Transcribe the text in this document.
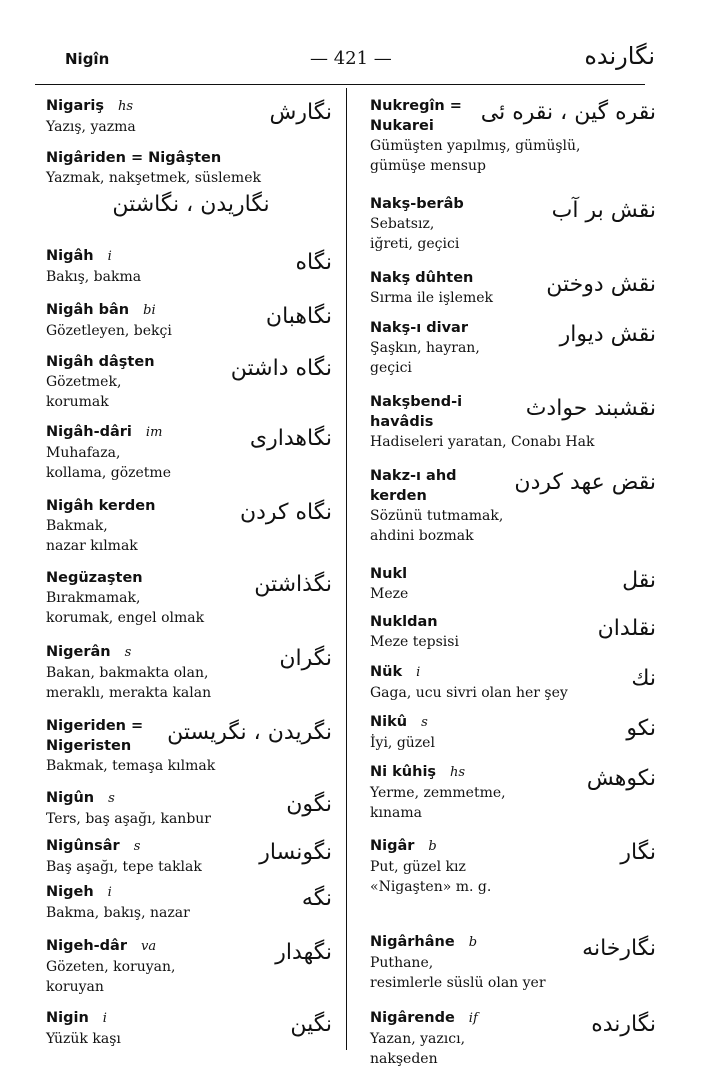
Nigîn	— 421 —	نگارنده
Nigariş hs
Yazış, yazma
نگارش
Nigâriden = Nigâşten
Yazmak, nakşetmek, süslemek
نگاریدن ، نگاشتن
Nigâh i
Bakış, bakma
نگاه
Nigâh bân bi
Gözetleyen, bekçi
نگاهبان
Nigâh dâşten
Gözetmek,
korumak
نگاه داشتن
Nigâh-dâri im
Muhafaza,
kollama, gözetme
نگاهداری
Nigâh kerden
Bakmak,
nazar kılmak
نگاه کردن
Negüzaşten
Bırakmamak,
korumak, engel olmak
نگذاشتن
Nigerân s
Bakan, bakmakta olan,
meraklı, merakta kalan
نگران
Nigeriden =
Nigeristen
Bakmak, temaşa kılmak
نگریدن ، نگریستن
Nigûn s
Ters, baş aşağı, kanbur
نگون
Nigûnsâr s
Baş aşağı, tepe taklak
نگونسار
Nigeh i
Bakma, bakış, nazar
نگه
Nigeh-dâr va
Gözeten, koruyan,
koruyan
نگهدار
Nigin i
Yüzük kaşı
نگين
Nukregîn =
Nukarei
Gümüşten yapılmış, gümüşlü,
gümüşe mensup
نقره گين ، نقره ئى
Nakş-berâb
Sebatsız,
iğreti, geçici
نقش بر آب
Nakş dûhten
Sırma ile işlemek
نقش دوختن
Nakş-ı divar
Şaşkın, hayran,
geçici
نقش ديوار
Nakşbend-i
havâdis
Hadiseleri yaratan, Conabı Hak
نقشبند حوادث
Nakz-ı ahd
kerden
Sözünü tutmamak,
ahdini bozmak
نقض عهد کردن
Nukl
Meze
نقل
Nukldan
Meze tepsisi
نقلدان
Nük i
Gaga, ucu sivri olan her şey
نك
Nikû s
İyi, güzel
نكو
Ni kûhiş hs
Yerme, zemmetme,
kınama
نكوهش
Nigâr b
Put, güzel kız
«Nigaşten» m. g.
نگار
Nigârhâne b
Puthane,
resimlerle süslü olan yer
نگارخانه
Nigârende if
Yazan, yazıcı,
nakşeden
نگارنده
